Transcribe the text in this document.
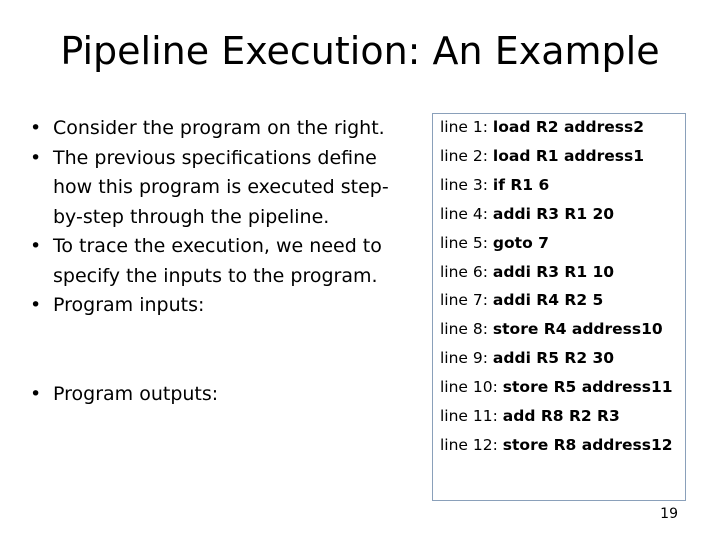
Pipeline Execution: An Example
• Consider the program on the right.
• The previous specifications define how this program is executed step-by-step through the pipeline.
• To trace the execution, we need to specify the inputs to the program.
• Program inputs:
• Program outputs:
line 1: load R2 address2
line 2: load R1 address1
line 3: if R1 6
line 4: addi R3 R1 20
line 5: goto 7
line 6: addi R3 R1 10
line 7: addi R4 R2 5
line 8: store R4 address10
line 9: addi R5 R2 30
line 10: store R5 address11
line 11: add R8 R2 R3
line 12: store R8 address12
19
